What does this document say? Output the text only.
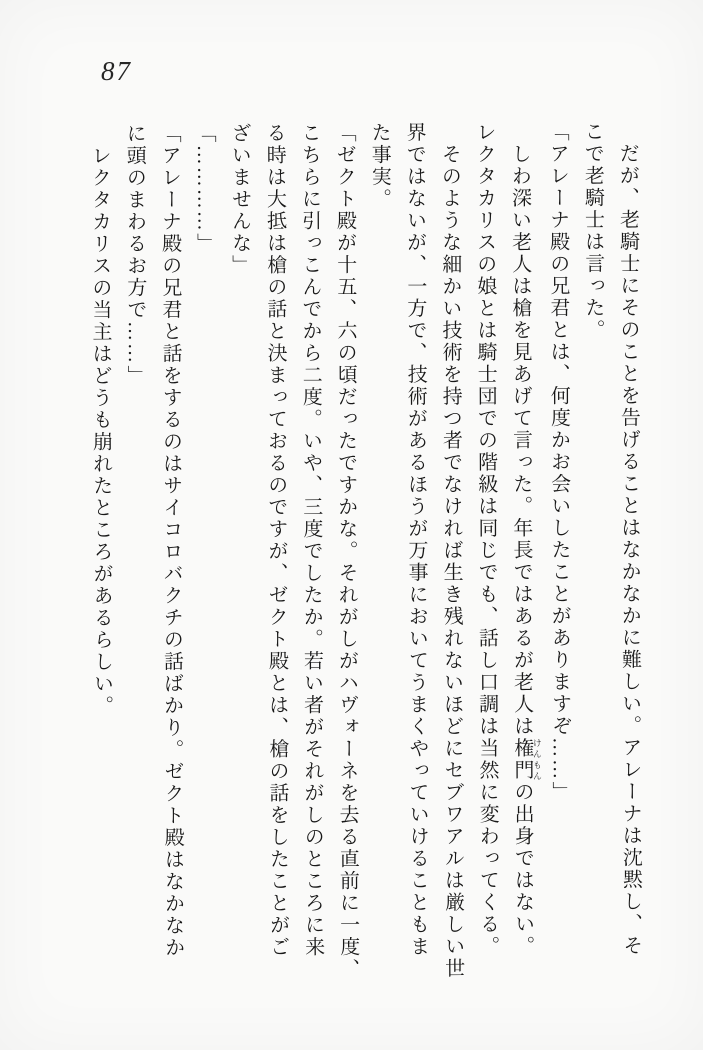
87
　だが、老騎士にそのことを告げることはなかなかに難しい。アレーナは沈黙し、そ
こで老騎士は言った。
「アレーナ殿の兄君とは、何度かお会いしたことがありますぞ……」
　しわ深い老人は槍を見あげて言った。年長ではあるが老人は権門けんもんの出身ではない。
レクタカリスの娘とは騎士団での階級は同じでも、話し口調は当然に変わってくる。
　そのような細かい技術を持つ者でなければ生き残れないほどにセブワアルは厳しい世
界ではないが、一方で、技術があるほうが万事においてうまくやっていけることもま
た事実。
「ゼクト殿が十五、六の頃だったですかな。それがしがハヴォーネを去る直前に一度、
こちらに引っこんでから二度。いや、三度でしたか。若い者がそれがしのところに来
る時は大抵は槍の話と決まっておるのですが、ゼクト殿とは、槍の話をしたことがご
ざいませんな」
「…………」
「アレーナ殿の兄君と話をするのはサイコロバクチの話ばかり。ゼクト殿はなかなか
に頭のまわるお方で……」
　レクタカリスの当主はどうも崩れたところがあるらしい。
